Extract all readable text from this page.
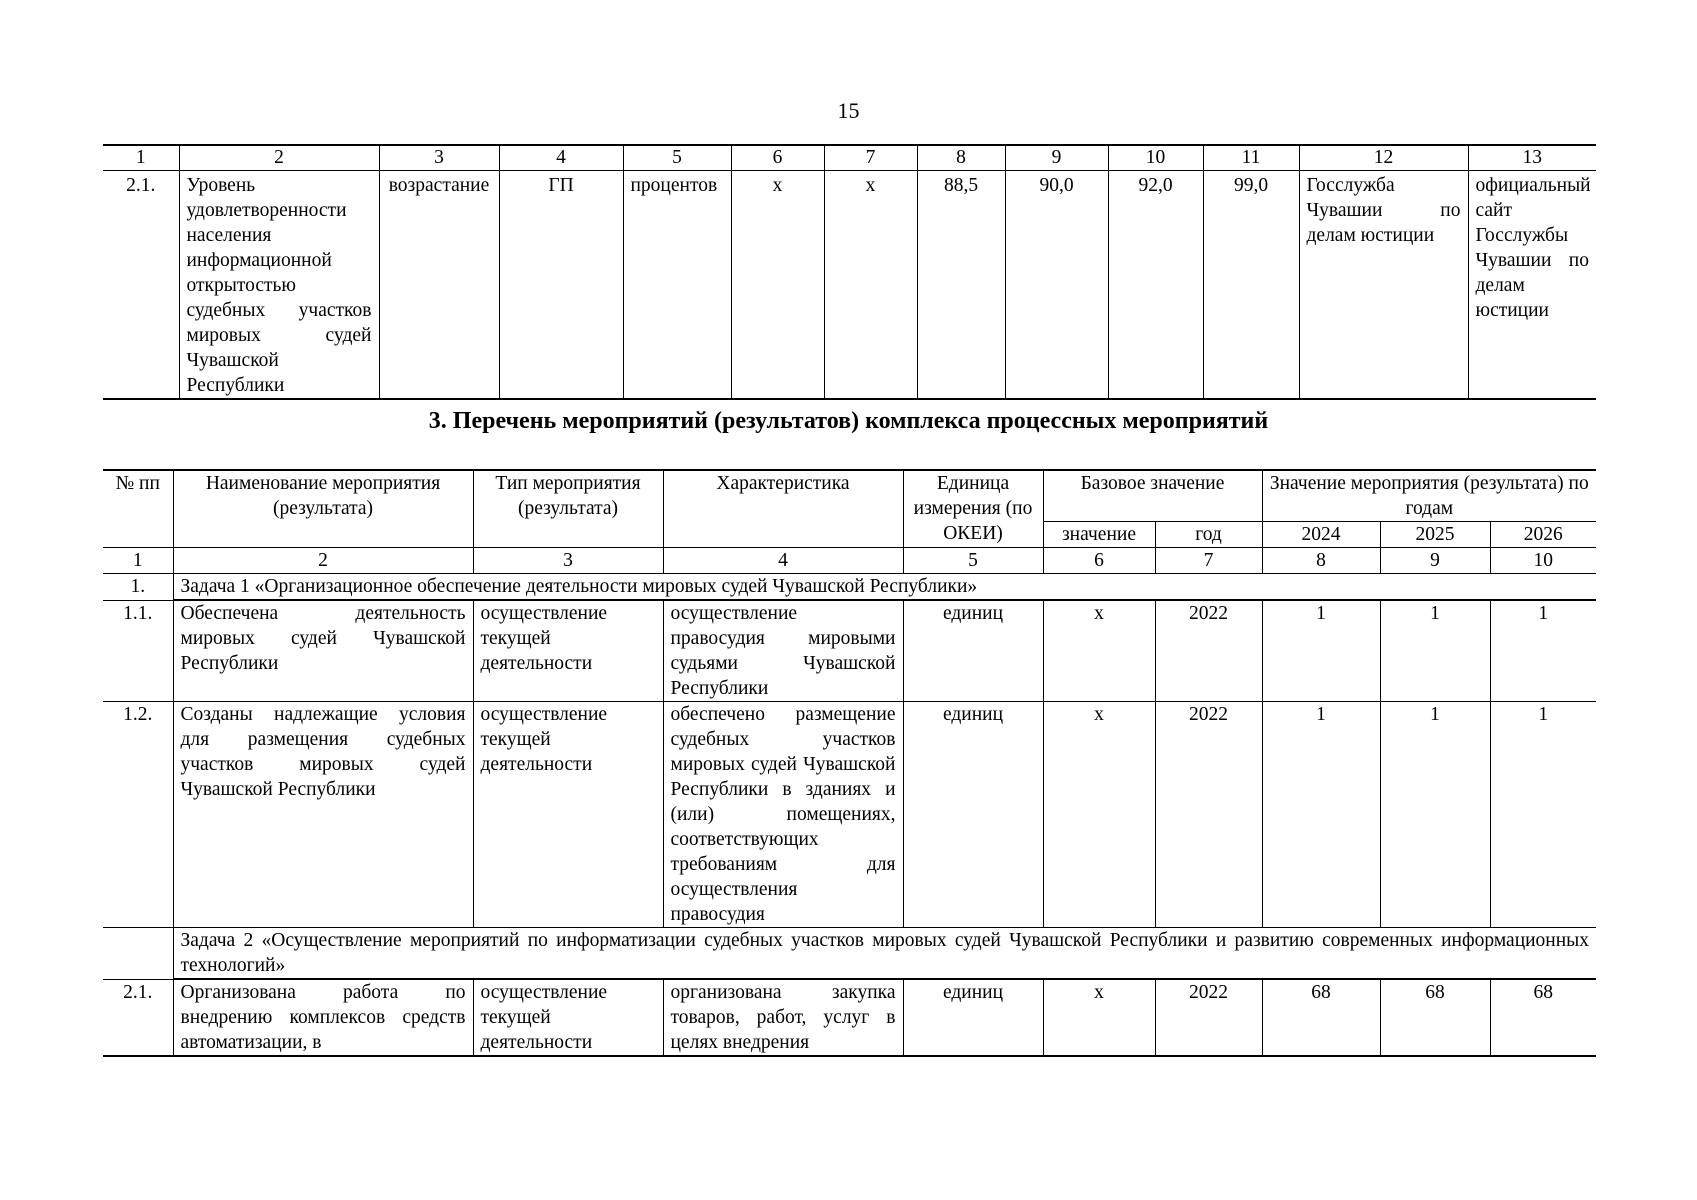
15
1	2	3	4	5	6	7	8	9	10	11	12	13
2.1.	Уровень удовлетворенности населения информационной открытостью судебных участков мировых судей Чувашской Республики	возрастание	ГП	процентов	х	х	88,5	90,0	92,0	99,0	Госслужба Чувашии по делам юстиции	официальный сайт Госслужбы Чувашии по делам юстиции
3. Перечень мероприятий (результатов) комплекса процессных мероприятий
№ пп	Наименование мероприятия (результата)	Тип мероприятия (результата)	Характеристика	Единица измерения (по ОКЕИ)	Базовое значение		Значение мероприятия (результата) по годам		
					значение	год	2024	2025	2026
1	2	3	4	5	6	7	8	9	10
1.	Задача 1 «Организационное обеспечение деятельности мировых судей Чувашской Республики»								
1.1.	Обеспечена деятельность мировых судей Чувашской Республики	осуществление текущей деятельности	осуществление правосудия мировыми судьями Чувашской Республики	единиц	х	2022	1	1	1
1.2.	Созданы надлежащие условия для размещения судебных участков мировых судей Чувашской Республики	осуществление текущей деятельности	обеспечено размещение судебных участков мировых судей Чувашской Республики в зданиях и (или) помещениях, соответствующих требованиям для осуществления правосудия	единиц	х	2022	1	1	1
	Задача 2 «Осуществление мероприятий по информатизации судебных участков мировых судей Чувашской Республики и развитию современных информационных технологий»								
2.1.	Организована работа по внедрению комплексов средств автоматизации, в	осуществление текущей деятельности	организована закупка товаров, работ, услуг в целях внедрения	единиц	х	2022	68	68	68
